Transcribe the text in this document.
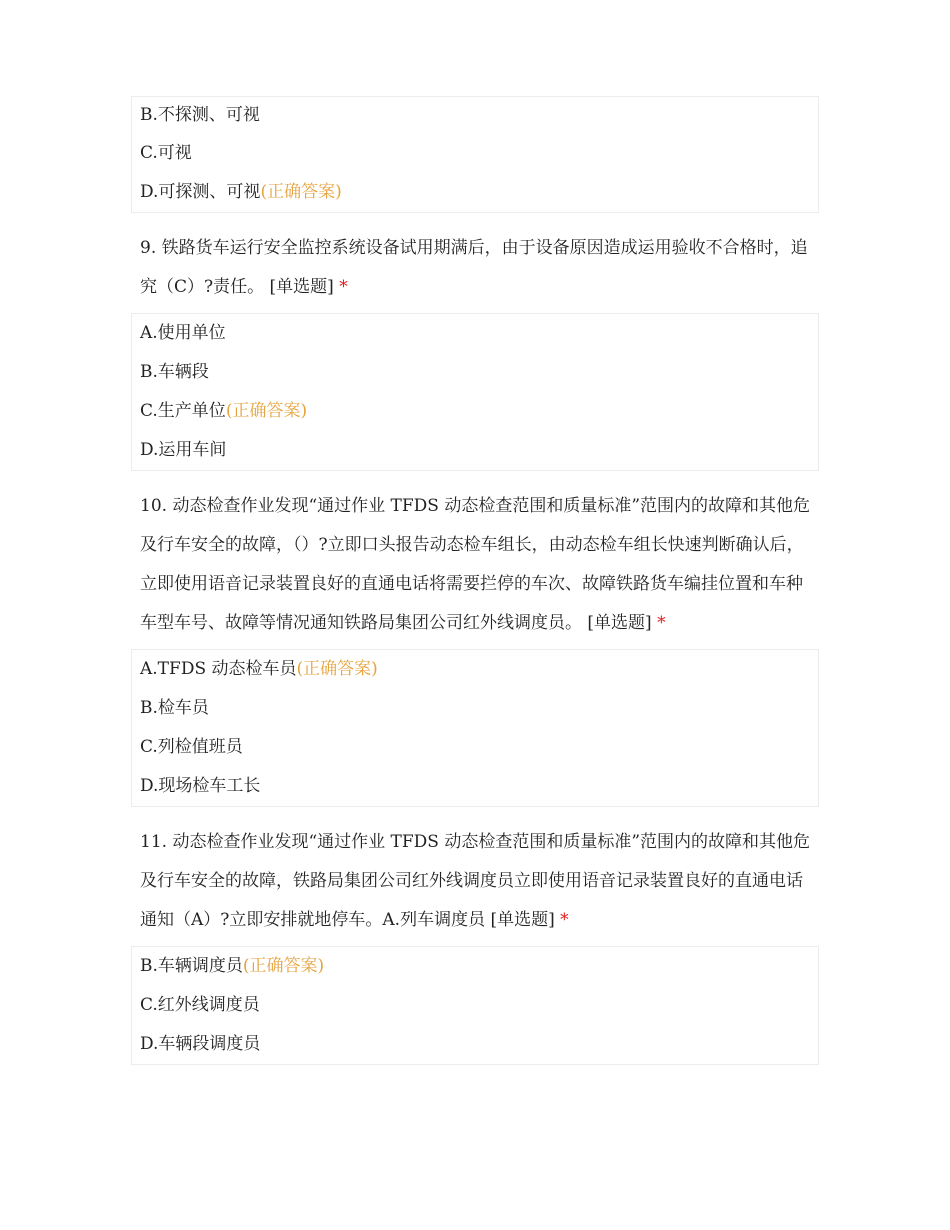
B.不探测、可视
C.可视
D.可探测、可视(正确答案)
9. 铁路货车运行安全监控系统设备试用期满后，由于设备原因造成运用验收不合格时，追究（C）?责任。 [单选题] *
A.使用单位
B.车辆段
C.生产单位(正确答案)
D.运用车间
10. 动态检查作业发现“通过作业 TFDS 动态检查范围和质量标准”范围内的故障和其他危及行车安全的故障，（）?立即口头报告动态检车组长，由动态检车组长快速判断确认后，立即使用语音记录装置良好的直通电话将需要拦停的车次、故障铁路货车编挂位置和车种车型车号、故障等情况通知铁路局集团公司红外线调度员。 [单选题] *
A.TFDS 动态检车员(正确答案)
B.检车员
C.列检值班员
D.现场检车工长
11. 动态检查作业发现“通过作业 TFDS 动态检查范围和质量标准”范围内的故障和其他危及行车安全的故障，铁路局集团公司红外线调度员立即使用语音记录装置良好的直通电话通知（A）?立即安排就地停车。A.列车调度员 [单选题] *
B.车辆调度员(正确答案)
C.红外线调度员
D.车辆段调度员
